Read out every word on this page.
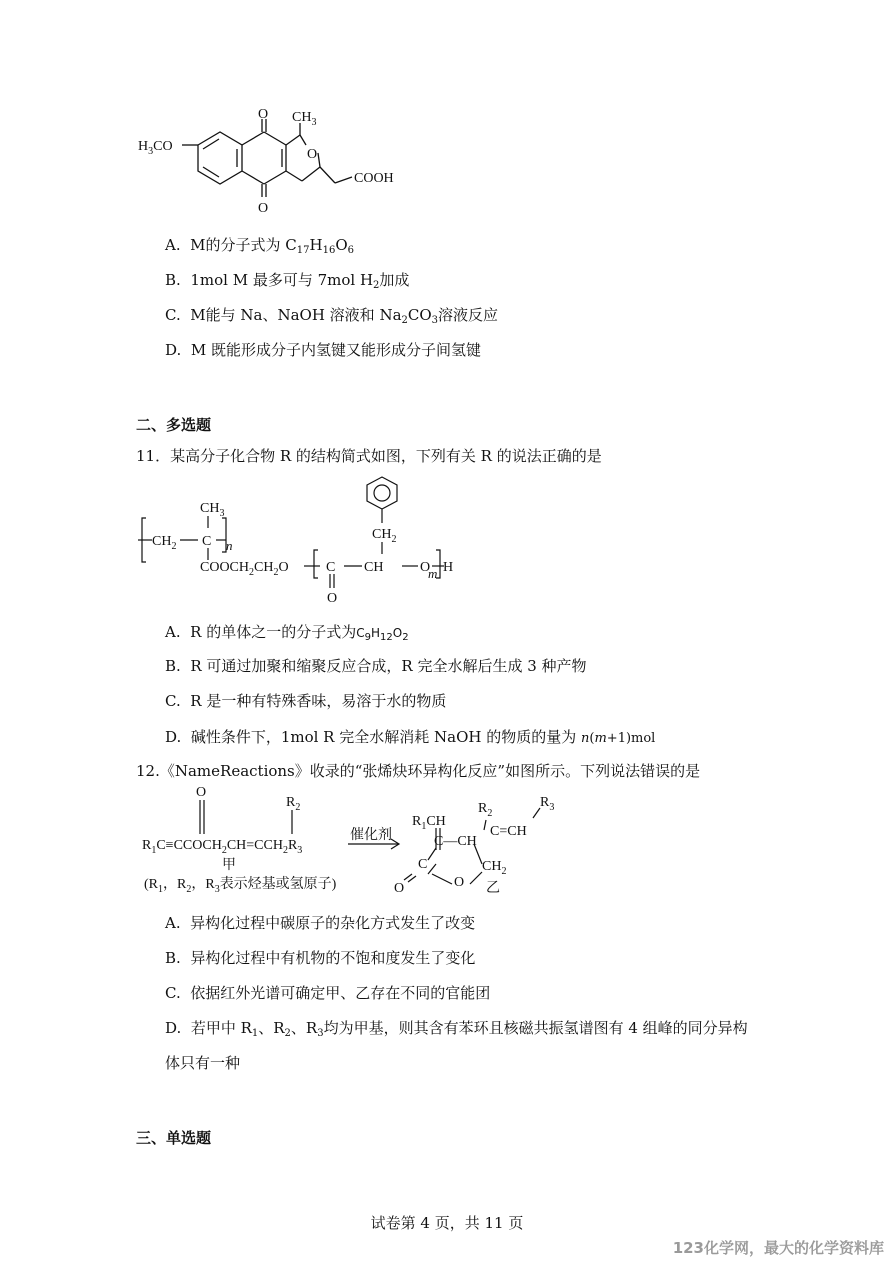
$H_3CO$
O
O
$CH_3$
O
COOH
A. M的分子式为 $C_{17}H_{16}O_6$
B. 1mol M 最多可与 7mol $H_2$加成
C. M能与 Na、NaOH 溶液和 $Na_2CO_3$溶液反应
D. M 既能形成分子内氢键又能形成分子间氢键
二、多选题
11．某高分子化合物 R 的结构简式如图，下列有关 R 的说法正确的是
$CH_3$
$CH_2$ C n
$COOCH_2CH_2O$	C
$CH_2$
CH	O
O
m H
A. R 的单体之一的分子式为$C_9H_{12}O_2$
B. R 可通过加聚和缩聚反应合成，R 完全水解后生成 3 种产物
C. R 是一种有特殊香味，易溶于水的物质
D. 碱性条件下，1mol R 完全水解消耗 NaOH 的物质的量为 n(m+1)mol
12.《NameReactions》收录的“张烯炔环异构化反应”如图所示。下列说法错误的是
O
$R_2$
$R_1C\equiv CCOCH_2CH=CCH_2R_3$
甲
催化剂
($R_1$，$R_2$，$R_3$表示烃基或氢原子)
$R_1CH$
$R_2$
$R_3$
C—CH
C=CH
C
O	O
$CH_2$
乙
A. 异构化过程中碳原子的杂化方式发生了改变
B. 异构化过程中有机物的不饱和度发生了变化
C. 依据红外光谱可确定甲、乙存在不同的官能团
D. 若甲中 $R_1$、$R_2$、$R_3$均为甲基，则其含有苯环且核磁共振氢谱图有 4 组峰的同分异构
体只有一种
三、单选题
试卷第 4 页，共 11 页
123化学网，最大的化学资料库
